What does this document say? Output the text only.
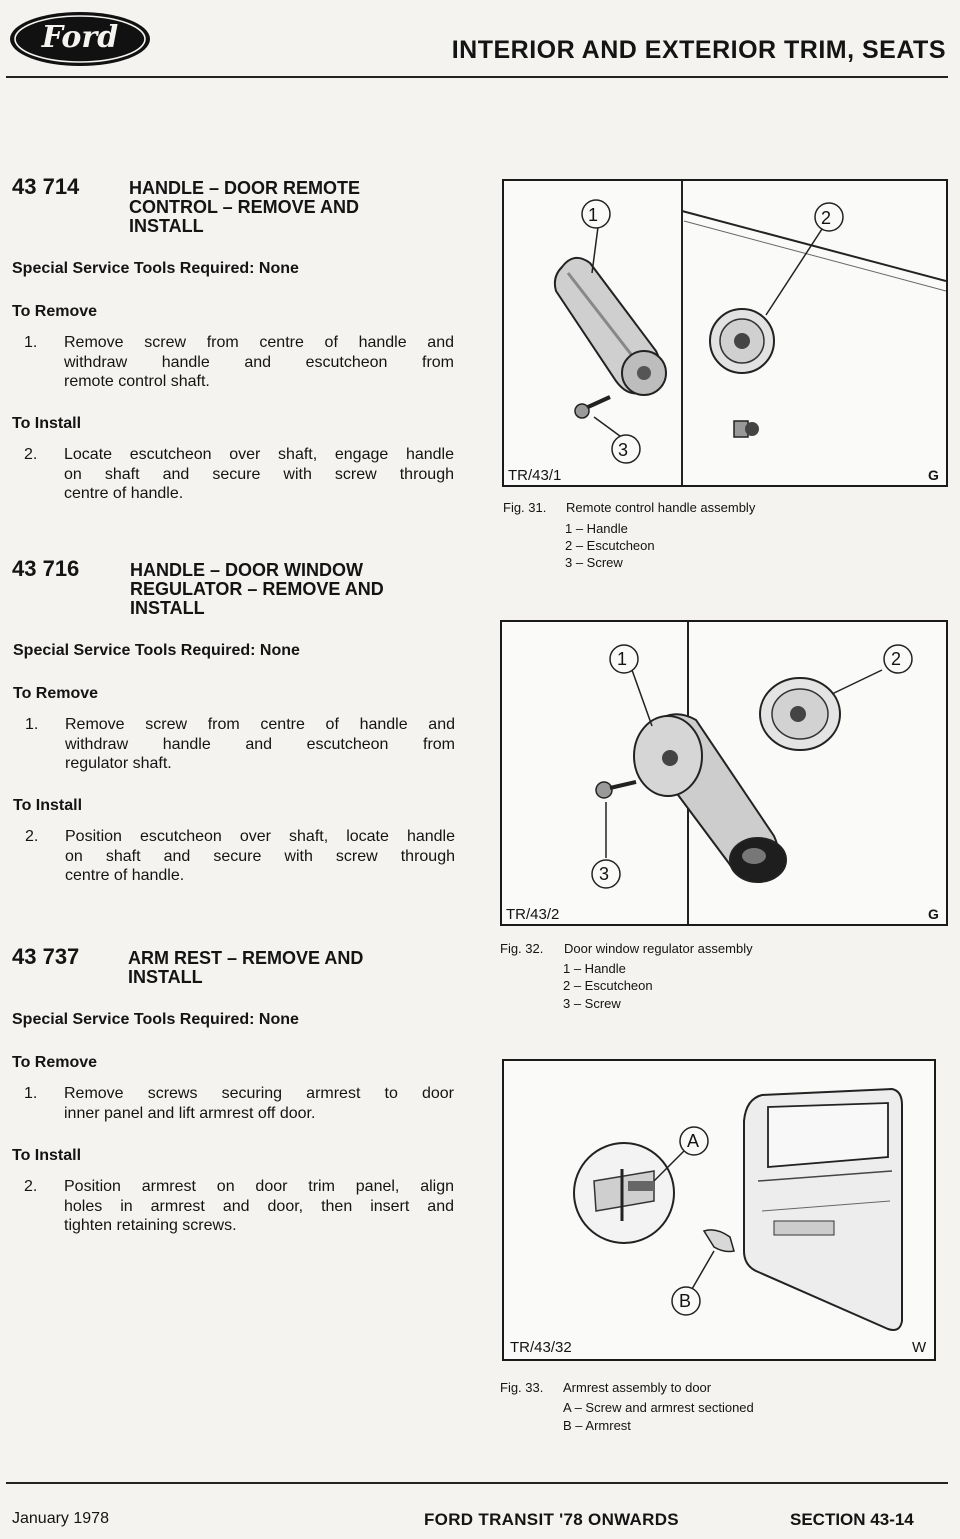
Ford	INTERIOR AND EXTERIOR TRIM, SEATS
43 714	HANDLE – DOOR REMOTE
CONTROL – REMOVE AND
INSTALL
Special Service Tools Required: None
To Remove
1. Remove screw from centre of handle and
withdraw handle and escutcheon from
remote control shaft.
To Install
2. Locate escutcheon over shaft, engage handle
on shaft and secure with screw through
centre of handle.
43 716	HANDLE – DOOR WINDOW
REGULATOR – REMOVE AND
INSTALL
Special Service Tools Required: None
To Remove
1. Remove screw from centre of handle and
withdraw handle and escutcheon from
regulator shaft.
To Install
2. Position escutcheon over shaft, locate handle
on shaft and secure with screw through
centre of handle.
43 737	ARM REST – REMOVE AND
INSTALL
Special Service Tools Required: None
To Remove
1. Remove screws securing armrest to door
inner panel and lift armrest off door.
To Install
2. Position armrest on door trim panel, align
holes in armrest and door, then insert and
tighten retaining screws.
1	2
3
TR/43/1	G
Fig. 31. Remote control handle assembly
1 – Handle
2 – Escutcheon
3 – Screw
1	2
3
TR/43/2	G
Fig. 32. Door window regulator assembly
1 – Handle
2 – Escutcheon
3 – Screw
A
B
TR/43/32	W
Fig. 33. Armrest assembly to door
A – Screw and armrest sectioned
B – Armrest
January 1978	FORD TRANSIT '78 ONWARDS	SECTION 43-14
